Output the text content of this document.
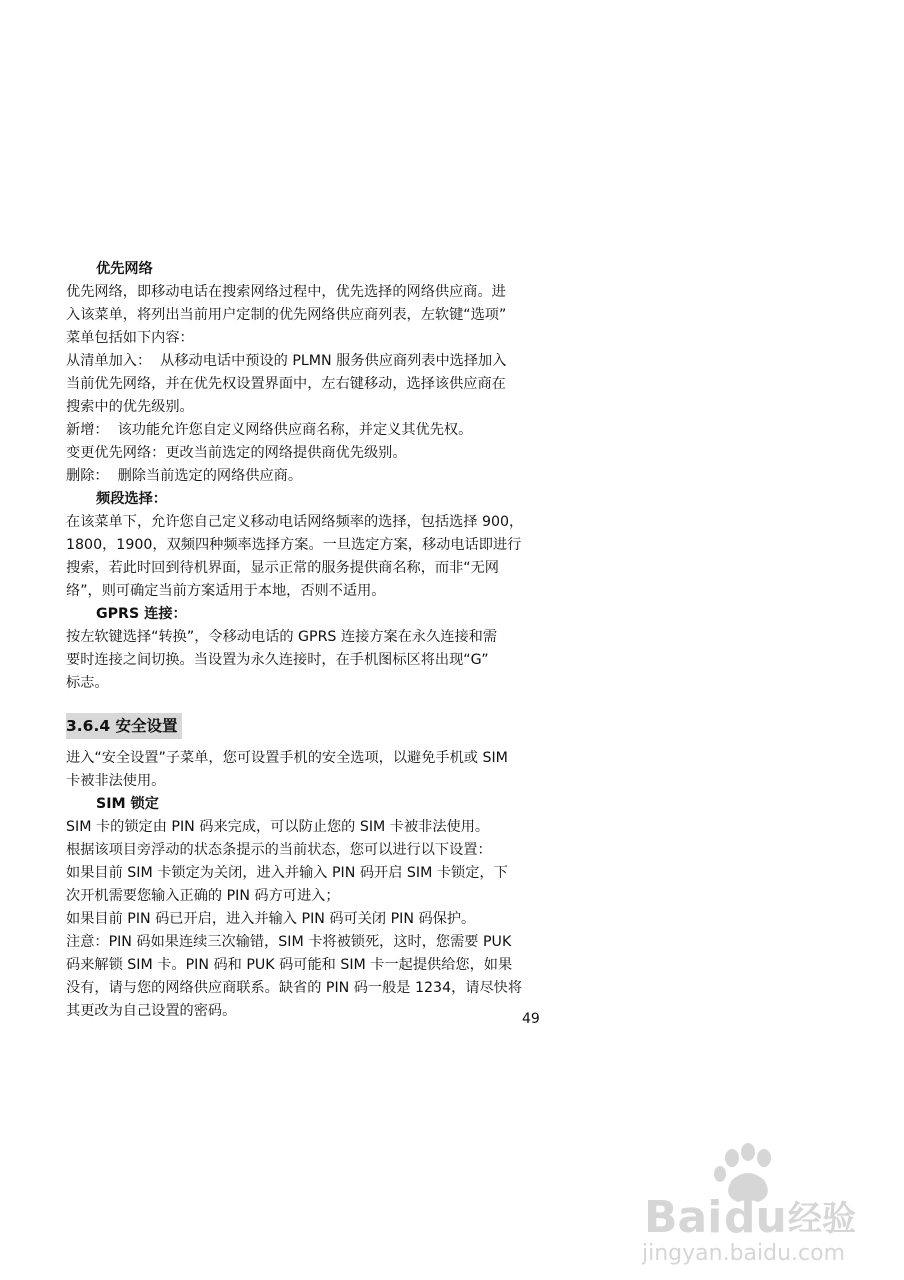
优先网络
优先网络，即移动电话在搜索网络过程中，优先选择的网络供应商。进
入该菜单，将列出当前用户定制的优先网络供应商列表，左软键“选项”
菜单包括如下内容：
从清单加入：  从移动电话中预设的 PLMN 服务供应商列表中选择加入
当前优先网络，并在优先权设置界面中，左右键移动，选择该供应商在
搜索中的优先级别。
新增：  该功能允许您自定义网络供应商名称，并定义其优先权。
变更优先网络：更改当前选定的网络提供商优先级别。
删除：  删除当前选定的网络供应商。
频段选择：
在该菜单下，允许您自己定义移动电话网络频率的选择，包括选择 900，
1800，1900，双频四种频率选择方案。一旦选定方案，移动电话即进行
搜索，若此时回到待机界面，显示正常的服务提供商名称，而非“无网
络”，则可确定当前方案适用于本地，否则不适用。
GPRS 连接：
按左软键选择“转换”，令移动电话的 GPRS 连接方案在永久连接和需
要时连接之间切换。当设置为永久连接时，在手机图标区将出现“G”
标志。
3.6.4 安全设置
进入“安全设置”子菜单，您可设置手机的安全选项，以避免手机或 SIM
卡被非法使用。
SIM 锁定
SIM 卡的锁定由 PIN 码来完成，可以防止您的 SIM 卡被非法使用。
根据该项目旁浮动的状态条提示的当前状态，您可以进行以下设置：
如果目前 SIM 卡锁定为关闭，进入并输入 PIN 码开启 SIM 卡锁定，下
次开机需要您输入正确的 PIN 码方可进入；
如果目前 PIN 码已开启，进入并输入 PIN 码可关闭 PIN 码保护。
注意：PIN 码如果连续三次输错，SIM 卡将被锁死，这时，您需要 PUK
码来解锁 SIM 卡。PIN 码和 PUK 码可能和 SIM 卡一起提供给您，如果
没有，请与您的网络供应商联系。缺省的 PIN 码一般是 1234，请尽快将
其更改为自己设置的密码。	49
Bai du 经验
jingyan.baidu.com
